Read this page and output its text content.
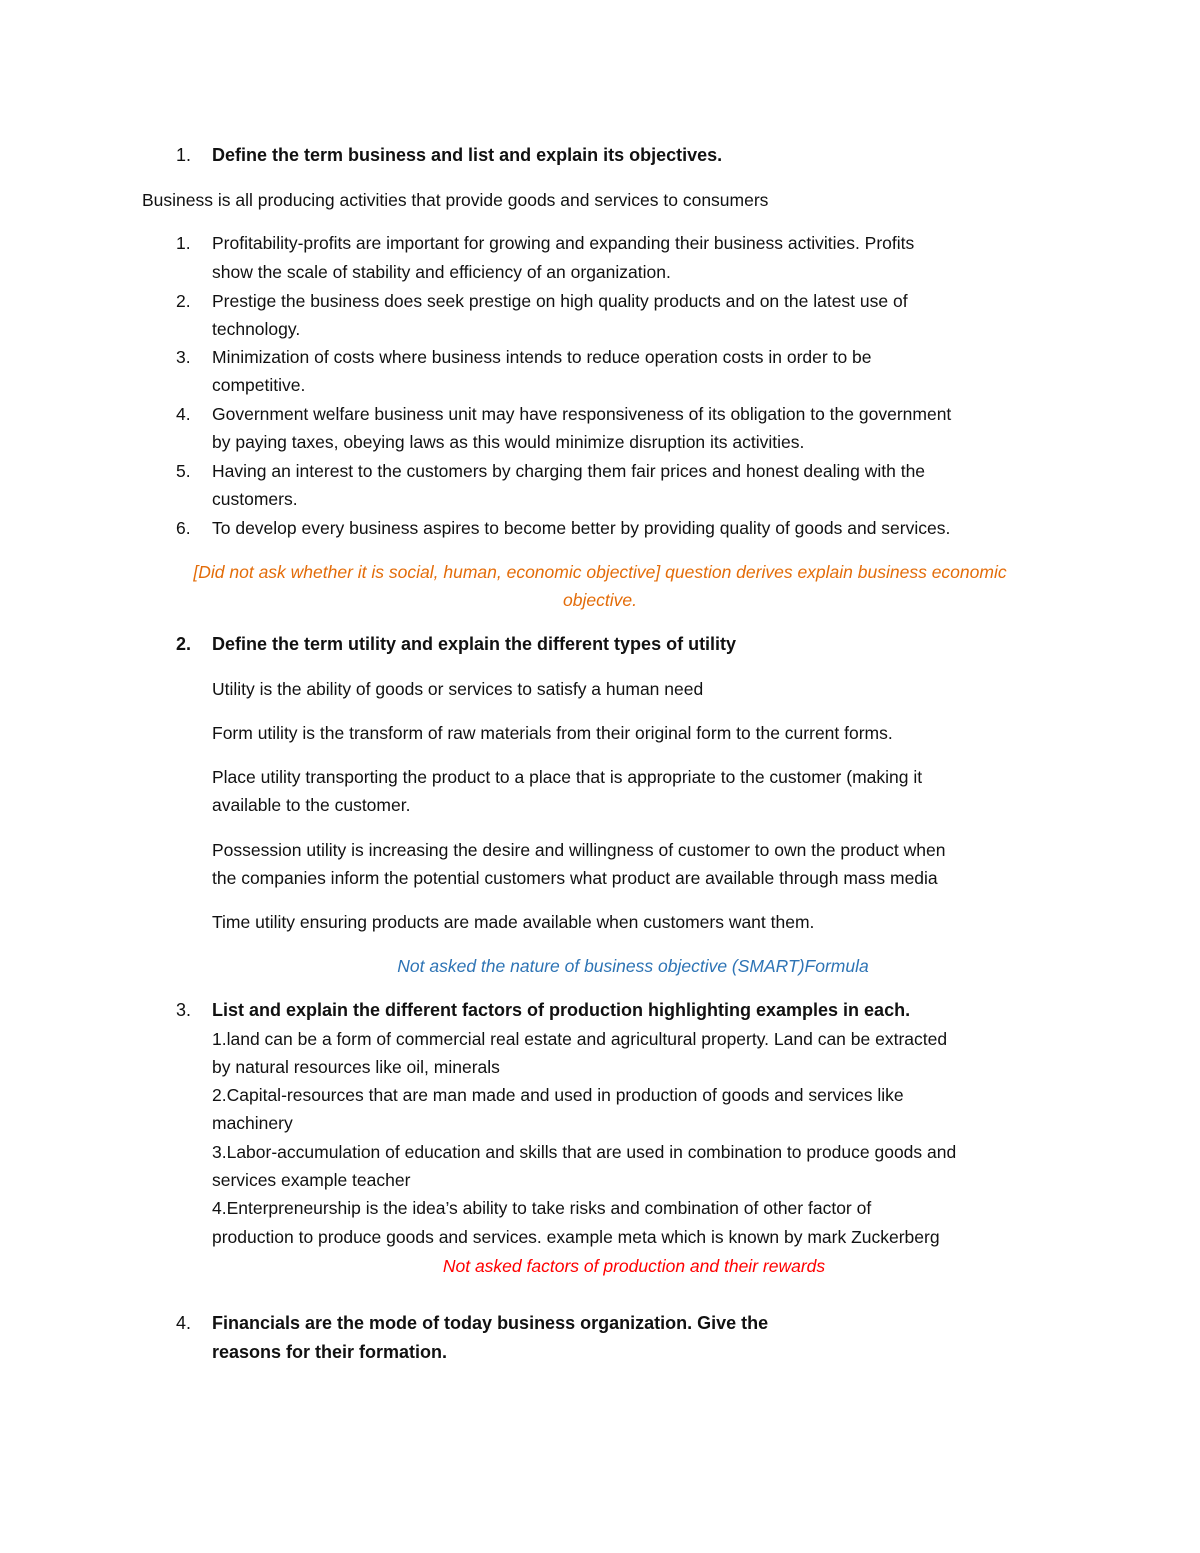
1. Define the term business and list and explain its objectives.
Business is all producing activities that provide goods and services to consumers
1. Profitability-profits are important for growing and expanding their business activities. Profits
show the scale of stability and efficiency of an organization.
2. Prestige the business does seek prestige on high quality products and on the latest use of
technology.
3. Minimization of costs where business intends to reduce operation costs in order to be
competitive.
4. Government welfare business unit may have responsiveness of its obligation to the government
by paying taxes, obeying laws as this would minimize disruption its activities.
5. Having an interest to the customers by charging them fair prices and honest dealing with the
customers.
6. To develop every business aspires to become better by providing quality of goods and services.
[Did not ask whether it is social, human, economic objective] question derives explain business economic
objective.
2. Define the term utility and explain the different types of utility
Utility is the ability of goods or services to satisfy a human need
Form utility is the transform of raw materials from their original form to the current forms.
Place utility transporting the product to a place that is appropriate to the customer (making it
available to the customer.
Possession utility is increasing the desire and willingness of customer to own the product when
the companies inform the potential customers what product are available through mass media
Time utility ensuring products are made available when customers want them.
Not asked the nature of business objective (SMART)Formula
3. List and explain the different factors of production highlighting examples in each.
1.land can be a form of commercial real estate and agricultural property. Land can be extracted
by natural resources like oil, minerals
2.Capital-resources that are man made and used in production of goods and services like
machinery
3.Labor-accumulation of education and skills that are used in combination to produce goods and
services example teacher
4.Enterpreneurship is the idea’s ability to take risks and combination of other factor of
production to produce goods and services. example meta which is known by mark Zuckerberg
Not asked factors of production and their rewards
4. Financials are the mode of today business organization. Give the
reasons for their formation.
